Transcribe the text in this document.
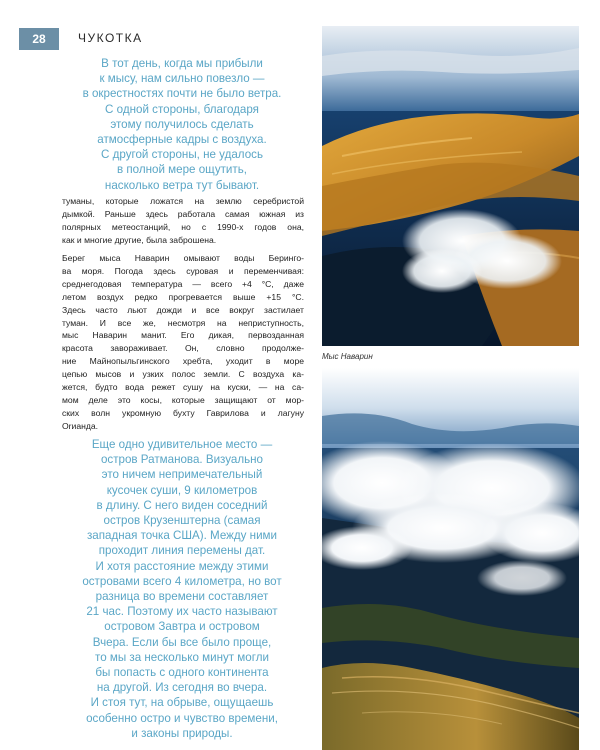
28	ЧУКОТКА
В тот день, когда мы прибыли
к мысу, нам сильно повезло —
в окрестностях почти не было ветра.
С одной стороны, благодаря
этому получилось сделать
атмосферные кадры с воздуха.
С другой стороны, не удалось
в полной мере ощутить,
насколько ветра тут бывают.
туманы, которые ложатся на землю серебристой
дымкой. Раньше здесь работала самая южная из
полярных метеостанций, но с 1990-х годов она,
как и многие другие, была заброшена.
Берег мыса Наварин омывают воды Беринго-
ва моря. Погода здесь суровая и переменчивая:
среднегодовая температура — всего +4 °С, даже
летом воздух редко прогревается выше +15 °С.
Здесь часто льют дожди и все вокруг застилает
туман. И все же, несмотря на неприступность,
мыс Наварин манит. Его дикая, первозданная
красота завораживает. Он, словно продолже-
ние Майнопыльгинского хребта, уходит в море
цепью мысов и узких полос земли. С воздуха ка-
жется, будто вода режет сушу на куски, — на са-
мом деле это косы, которые защищают от мор-
ских волн укромную бухту Гаврилова и лагуну
Orианда.
Еще одно удивительное место —
остров Ратманова. Визуально
это ничем непримечательный
кусочек суши, 9 километров
в длину. С него виден соседний
остров Крузенштерна (самая
западная точка США). Между ними
проходит линия перемены дат.
И хотя расстояние между этими
островами всего 4 километра, но вот
разница во времени составляет
21 час. Поэтому их часто называют
островом Завтра и островом
Вчера. Если бы все было проще,
то мы за несколько минут могли
бы попасть с одного континента
на другой. Из сегодня во вчера.
И стоя тут, на обрыве, ощущаешь
особенно остро и чувство времени,
и законы природы.
Мыс Наварин
